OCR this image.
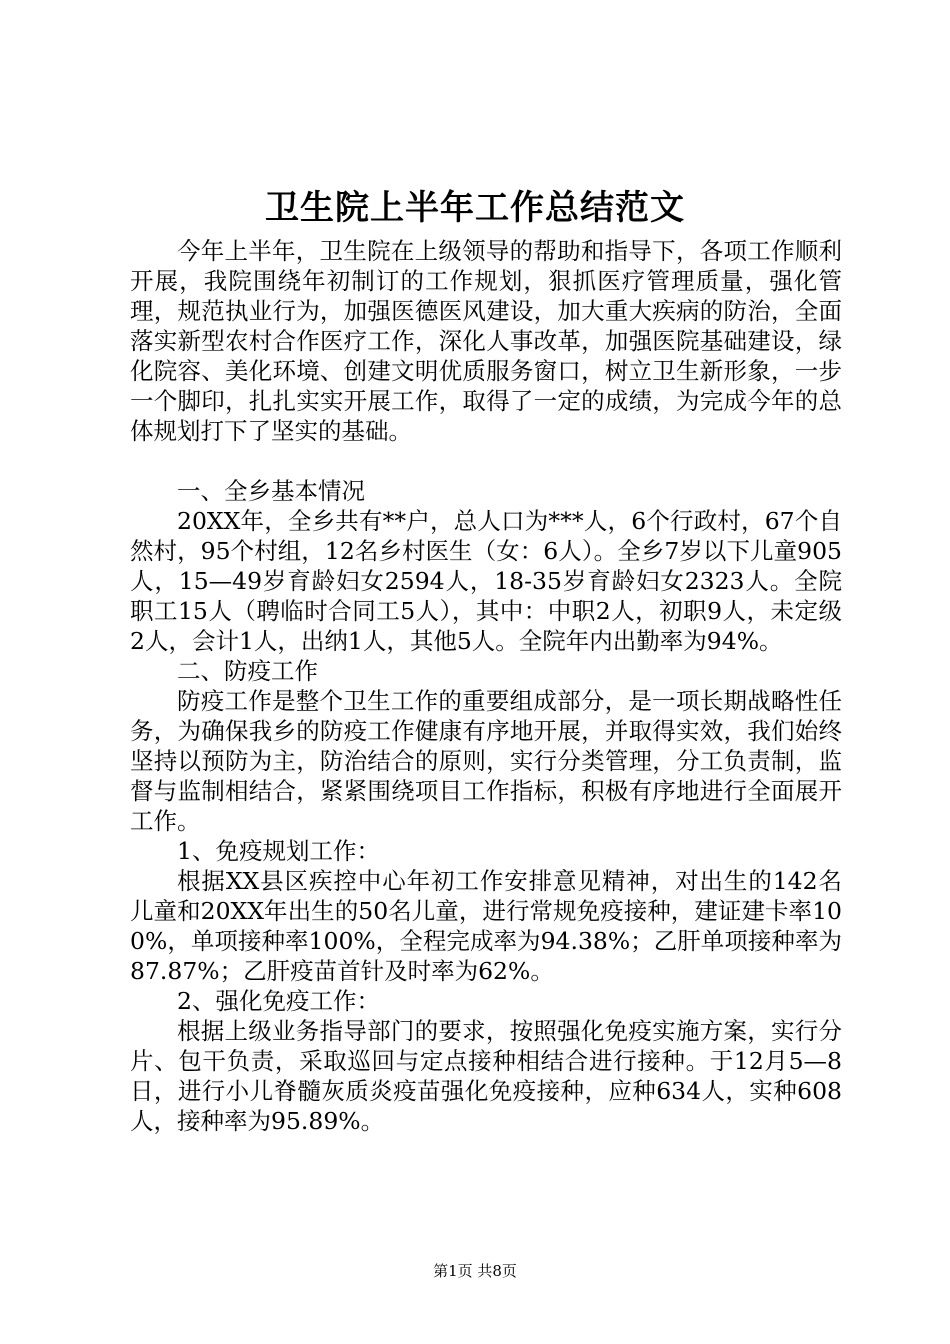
卫生院上半年工作总结范文

今年上半年，卫生院在上级领导的帮助和指导下，各项工作顺利开展，我院围绕年初制订的工作规划，狠抓医疗管理质量，强化管理，规范执业行为，加强医德医风建设，加大重大疾病的防治，全面落实新型农村合作医疗工作，深化人事改革，加强医院基础建设，绿化院容、美化环境、创建文明优质服务窗口，树立卫生新形象，一步一个脚印，扎扎实实开展工作，取得了一定的成绩，为完成今年的总体规划打下了坚实的基础。

一、全乡基本情况

20XX年，全乡共有**户，总人口为***人，6个行政村，67个自然村，95个村组，12名乡村医生（女：6人）。全乡7岁以下儿童905人，15—49岁育龄妇女2594人，18-35岁育龄妇女2323人。全院职工15人（聘临时合同工5人），其中：中职2人，初职9人，未定级2人，会计1人，出纳1人，其他5人。全院年内出勤率为94%。

二、防疫工作

防疫工作是整个卫生工作的重要组成部分，是一项长期战略性任务，为确保我乡的防疫工作健康有序地开展，并取得实效，我们始终坚持以预防为主，防治结合的原则，实行分类管理，分工负责制，监督与监制相结合，紧紧围绕项目工作指标，积极有序地进行全面展开工作。

1、免疫规划工作：

根据XX县区疾控中心年初工作安排意见精神，对出生的142名儿童和20XX年出生的50名儿童，进行常规免疫接种，建证建卡率100%，单项接种率100%，全程完成率为94.38%；乙肝单项接种率为87.87%；乙肝疫苗首针及时率为62%。

2、强化免疫工作：

根据上级业务指导部门的要求，按照强化免疫实施方案，实行分片、包干负责，采取巡回与定点接种相结合进行接种。于12月5—8日，进行小儿脊髓灰质炎疫苗强化免疫接种，应种634人，实种608人，接种率为95.89%。

第1页 共8页
